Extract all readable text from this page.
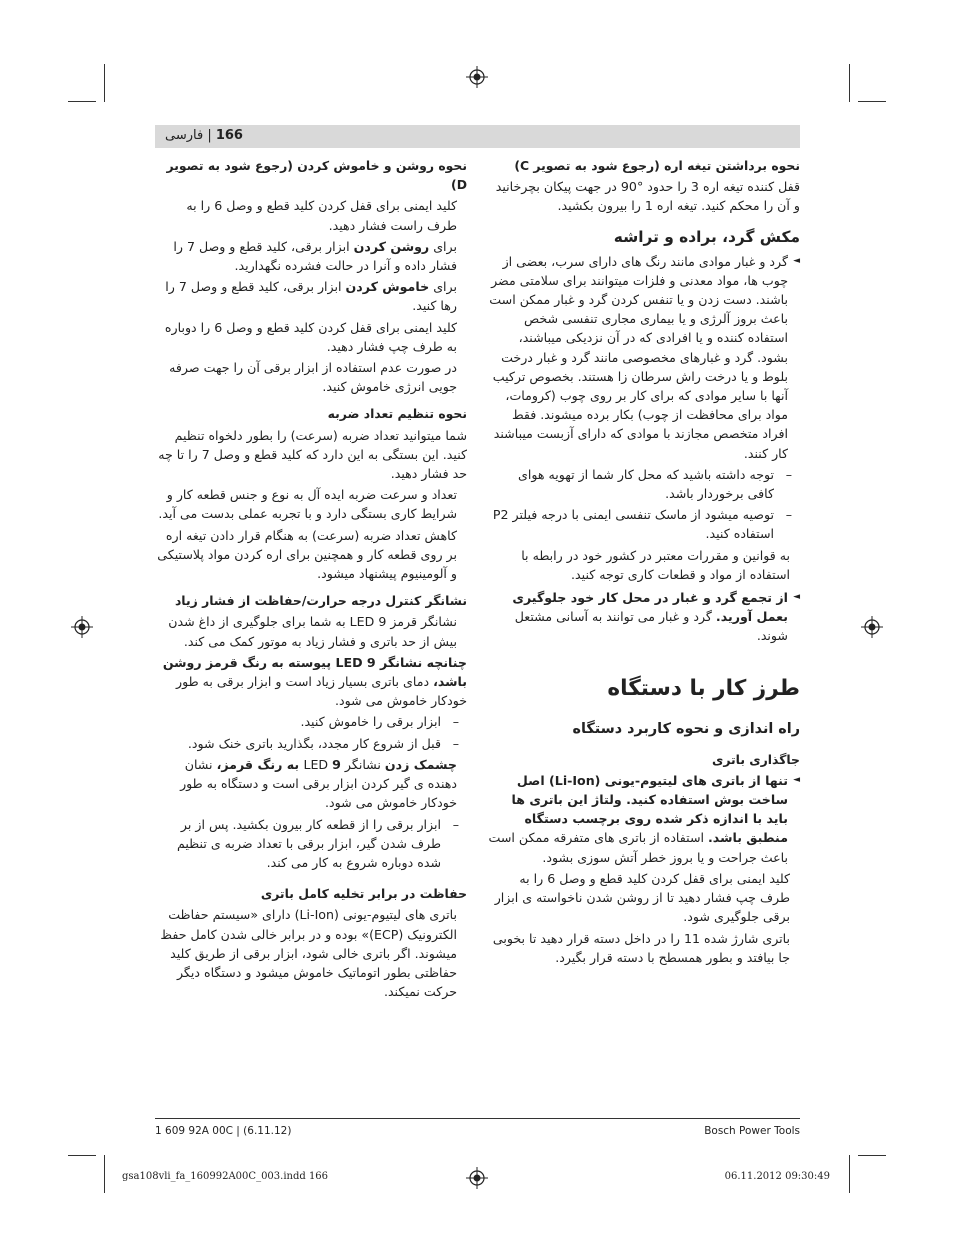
166 | فارسی
نحوه برداشتن تیغه اره (رجوع شود به تصویر C)
قفل کننده تیغه اره 3 را حدود °90 در جهت پیکان بچرخانید و آن را محکم کنید. تیغه اره 1 را بیرون بکشید.
مکش گرد، براده و تراشه
◄ گرد و غبار موادی مانند رنگ های دارای سرب، بعضی از چوب ها، مواد معدنی و فلزات میتوانند برای سلامتی مضر باشند. دست زدن و یا تنفس کردن گرد و غبار ممکن است باعث بروز آلرژی و یا بیماری مجاری تنفسی شخص استفاده کننده و یا افرادی که در آن نزدیکی میباشند، بشود. گرد و غبارهای مخصوصی مانند گرد و غبار درخت بلوط و یا درخت راش سرطان زا هستند. بخصوص ترکیب آنها با سایر موادی که برای کار بر روی چوب (کرومات، مواد برای محافظت از چوب) بکار برده میشوند. فقط افراد متخصص مجازند با موادی که دارای آزبست میباشند کار کنند.
– توجه داشته باشید که محل کار شما از تهویه هوای کافی برخوردار باشد.
– توصیه میشود از ماسک تنفسی ایمنی با درجه فیلتر P2 استفاده کنید.
به قوانین و مقررات معتبر در کشور خود در رابطه با استفاده از مواد و قطعات کاری توجه کنید.
◄ از تجمع گرد و غبار در محل کار خود جلوگیری بعمل آورید. گرد و غبار می توانند به آسانی مشتعل شوند.
طرز کار با دستگاه
راه اندازی و نحوه کاربرد دستگاه
جاگذاری باتری
◄ تنها از باتری های لیتیوم-یونی (Li-Ion) اصل ساخت بوش استفاده کنید. ولتاژ این باتری ها باید با اندازه ذکر شده روی برچسب دستگاه منطبق باشد. استفاده از باتری های متفرقه ممکن است باعث جراحت و یا بروز خطر آتش سوزی بشود.
کلید ایمنی برای قفل کردن کلید قطع و وصل 6 را به طرف چپ فشار دهید تا از روشن شدن ناخواسته ی ابزار برقی جلوگیری شود.
باتری شارژ شده 11 را در داخل دسته قرار دهید تا بخوبی جا بیافتد و بطور همسطح با دسته قرار بگیرد.
نحوه روشن و خاموش کردن (رجوع شود به تصویر D)
کلید ایمنی برای قفل کردن کلید قطع و وصل 6 را به طرف راست فشار دهید.
برای روشن کردن ابزار برقی، کلید قطع و وصل 7 را فشار داده و آنرا در حالت فشرده نگهدارید.
برای خاموش کردن ابزار برقی، کلید قطع و وصل 7 را رها کنید.
کلید ایمنی برای قفل کردن کلید قطع و وصل 6 را دوباره به طرف چپ فشار دهید.
در صورت عدم استفاده از ابزار برقی آن را جهت صرفه جویی انرژی خاموش کنید.
نحوه تنظیم تعداد ضربه
شما میتوانید تعداد ضربه (سرعت) را بطور دلخواه تنظیم کنید. این بستگی به این دارد که کلید قطع و وصل 7 را تا چه حد فشار دهید.
تعداد و سرعت ضربه ایده آل به نوع و جنس قطعه کار و شرایط کاری بستگی دارد و با تجربه عملی بدست می آید.
کاهش تعداد ضربه (سرعت) به هنگام قرار دادن تیغه اره بر روی قطعه کار و همچنین برای اره کردن مواد پلاستیکی و آلومینیوم پیشنهاد میشود.
نشانگر کنترل درجه حرارت/حفاظت از فشار زیاد
نشانگر قرمز LED 9 به شما برای جلوگیری از داغ شدن بیش از حد باتری و فشار زیاد به موتور کمک می کند.
چنانچه نشانگر LED 9 پیوسته به رنگ قرمز روشن باشد، دمای باتری بسیار زیاد است و ابزار برقی به طور خودکار خاموش می شود.
– ابزار برقی را خاموش کنید.
– قبل از شروع کار مجدد، بگذارید باتری خنک شود.
چشمک زدن نشانگر LED 9 به رنگ قرمز، نشان دهنده ی گیر کردن ابزار برقی است و دستگاه به طور خودکار خاموش می شود.
– ابزار برقی را از قطعه کار بیرون بکشید. پس از بر طرف شدن گیر، ابزار برقی با تعداد ضربه ی تنظیم شده دوباره شروع به کار می کند.
حفاظت در برابر تخلیه کامل باتری
باتری های لیتیوم-یونی (Li-Ion) دارای «سیستم حفاظت الکترونیک (ECP)» بوده و در برابر خالی شدن کامل حفظ میشوند. اگر باتری خالی شود، ابزار برقی از طریق کلید حفاظتی بطور اتوماتیک خاموش میشود و دستگاه دیگر حرکت نمیکند.
1 609 92A 00C | (6.11.12)	Bosch Power Tools
gsa108vli_fa_160992A00C_003.indd 166	06.11.2012 09:30:49
